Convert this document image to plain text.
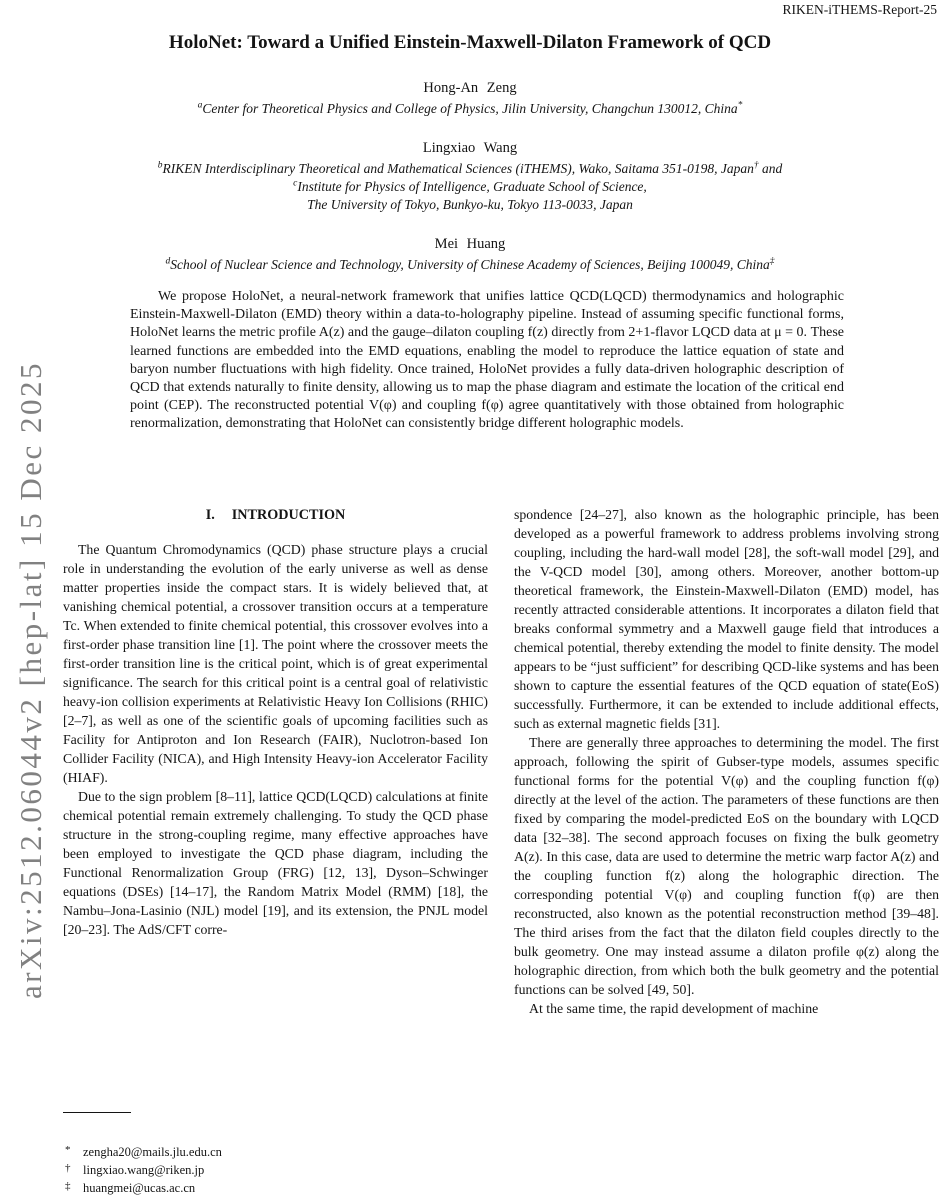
arXiv:2512.06044v2 [hep-lat] 15 Dec 2025
RIKEN-iTHEMS-Report-25
HoloNet: Toward a Unified Einstein-Maxwell-Dilaton Framework of QCD
Hong-An Zeng
$^a$Center for Theoretical Physics and College of Physics, Jilin University, Changchun 130012, China*
Lingxiao Wang
$^b$RIKEN Interdisciplinary Theoretical and Mathematical Sciences (iTHEMS), Wako, Saitama 351-0198, Japan† and
$^c$Institute for Physics of Intelligence, Graduate School of Science,
The University of Tokyo, Bunkyo-ku, Tokyo 113-0033, Japan
Mei Huang
$^d$School of Nuclear Science and Technology, University of Chinese Academy of Sciences, Beijing 100049, China‡
We propose HoloNet, a neural-network framework that unifies lattice QCD(LQCD) thermodynamics and holographic Einstein-Maxwell-Dilaton (EMD) theory within a data-to-holography pipeline. Instead of assuming specific functional forms, HoloNet learns the metric profile A(z) and the gauge–dilaton coupling f(z) directly from 2+1-flavor LQCD data at μ = 0. These learned functions are embedded into the EMD equations, enabling the model to reproduce the lattice equation of state and baryon number fluctuations with high fidelity. Once trained, HoloNet provides a fully data-driven holographic description of QCD that extends naturally to finite density, allowing us to map the phase diagram and estimate the location of the critical end point (CEP). The reconstructed potential V(φ) and coupling f(φ) agree quantitatively with those obtained from holographic renormalization, demonstrating that HoloNet can consistently bridge different holographic models.
I. INTRODUCTION

The Quantum Chromodynamics (QCD) phase structure plays a crucial role in understanding the evolution of the early universe as well as dense matter properties inside the compact stars. It is widely believed that, at vanishing chemical potential, a crossover transition occurs at a temperature Tc. When extended to finite chemical potential, this crossover evolves into a first-order phase transition line [1]. The point where the crossover meets the first-order transition line is the critical point, which is of great experimental significance. The search for this critical point is a central goal of relativistic heavy-ion collision experiments at Relativistic Heavy Ion Collisions (RHIC) [2–7], as well as one of the scientific goals of upcoming facilities such as Facility for Antiproton and Ion Research (FAIR), Nuclotron-based Ion Collider Facility (NICA), and High Intensity Heavy-ion Accelerator Facility (HIAF).

Due to the sign problem [8–11], lattice QCD(LQCD) calculations at finite chemical potential remain extremely challenging. To study the QCD phase structure in the strong-coupling regime, many effective approaches have been employed to investigate the QCD phase diagram, including the Functional Renormalization Group (FRG) [12, 13], Dyson–Schwinger equations (DSEs) [14–17], the Random Matrix Model (RMM) [18], the Nambu–Jona-Lasinio (NJL) model [19], and its extension, the PNJL model [20–23]. The AdS/CFT corre-

spondence [24–27], also known as the holographic principle, has been developed as a powerful framework to address problems involving strong coupling, including the hard-wall model [28], the soft-wall model [29], and the V-QCD model [30], among others. Moreover, another bottom-up theoretical framework, the Einstein-Maxwell-Dilaton (EMD) model, has recently attracted considerable attentions. It incorporates a dilaton field that breaks conformal symmetry and a Maxwell gauge field that introduces a chemical potential, thereby extending the model to finite density. The model appears to be “just sufficient” for describing QCD-like systems and has been shown to capture the essential features of the QCD equation of state(EoS) successfully. Furthermore, it can be extended to include additional effects, such as external magnetic fields [31].

There are generally three approaches to determining the model. The first approach, following the spirit of Gubser-type models, assumes specific functional forms for the potential V(φ) and the coupling function f(φ) directly at the level of the action. The parameters of these functions are then fixed by comparing the model-predicted EoS on the boundary with LQCD data [32–38]. The second approach focuses on fixing the bulk geometry A(z). In this case, data are used to determine the metric warp factor A(z) and the coupling function f(z) along the holographic direction. The corresponding potential V(φ) and coupling function f(φ) are then reconstructed, also known as the potential reconstruction method [39–48]. The third arises from the fact that the dilaton field couples directly to the bulk geometry. One may instead assume a dilaton profile φ(z) along the holographic direction, from which both the bulk geometry and the potential functions can be solved [49, 50].

At the same time, the rapid development of machine

*	zengha20@mails.jlu.edu.cn
†	lingxiao.wang@riken.jp
‡	huangmei@ucas.ac.cn
